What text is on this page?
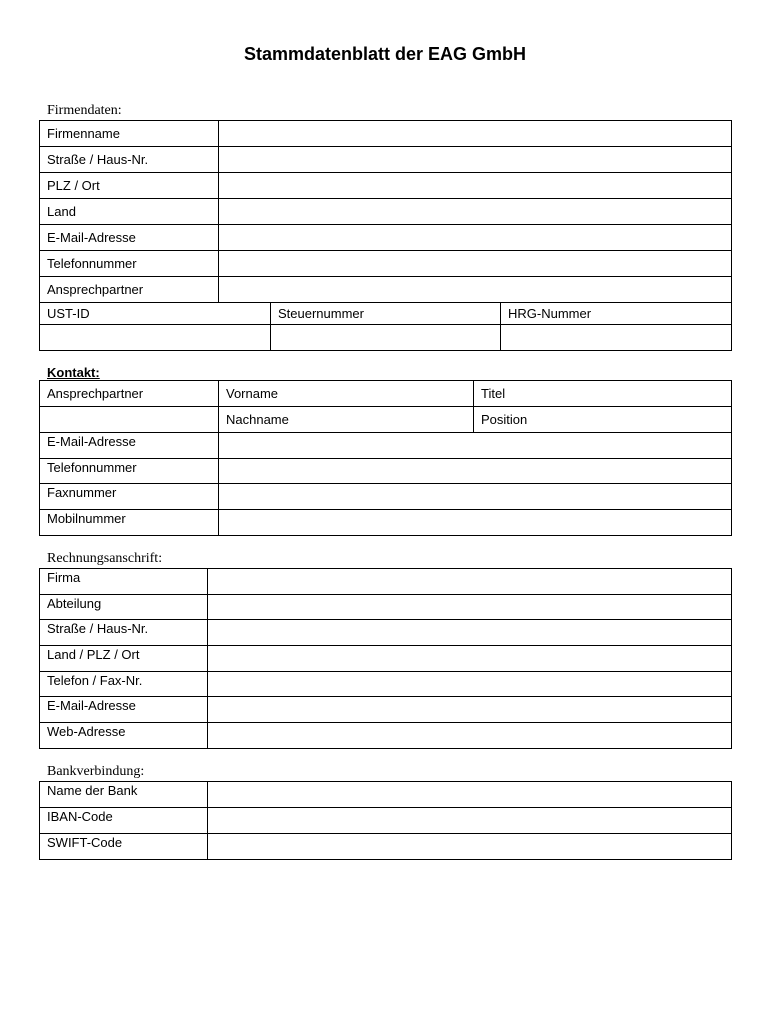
Stammdatenblatt der EAG GmbH
Firmendaten:
Firmenname			
Straße / Haus-Nr.			
PLZ / Ort			
Land			
E-Mail-Adresse			
Telefonnummer			
Ansprechpartner			
UST-ID		Steuernummer	HRG-Nummer

Kontakt:
Ansprechpartner	Vorname	Titel
	Nachname	Position
E-Mail-Adresse		
Telefonnummer		
Faxnummer		
Mobilnummer		
Rechnungsanschrift:
Firma	
Abteilung	
Straße / Haus-Nr.	
Land / PLZ / Ort	
Telefon / Fax-Nr.	
E-Mail-Adresse	
Web-Adresse	
Bankverbindung:
Name der Bank	
IBAN-Code	
SWIFT-Code	
